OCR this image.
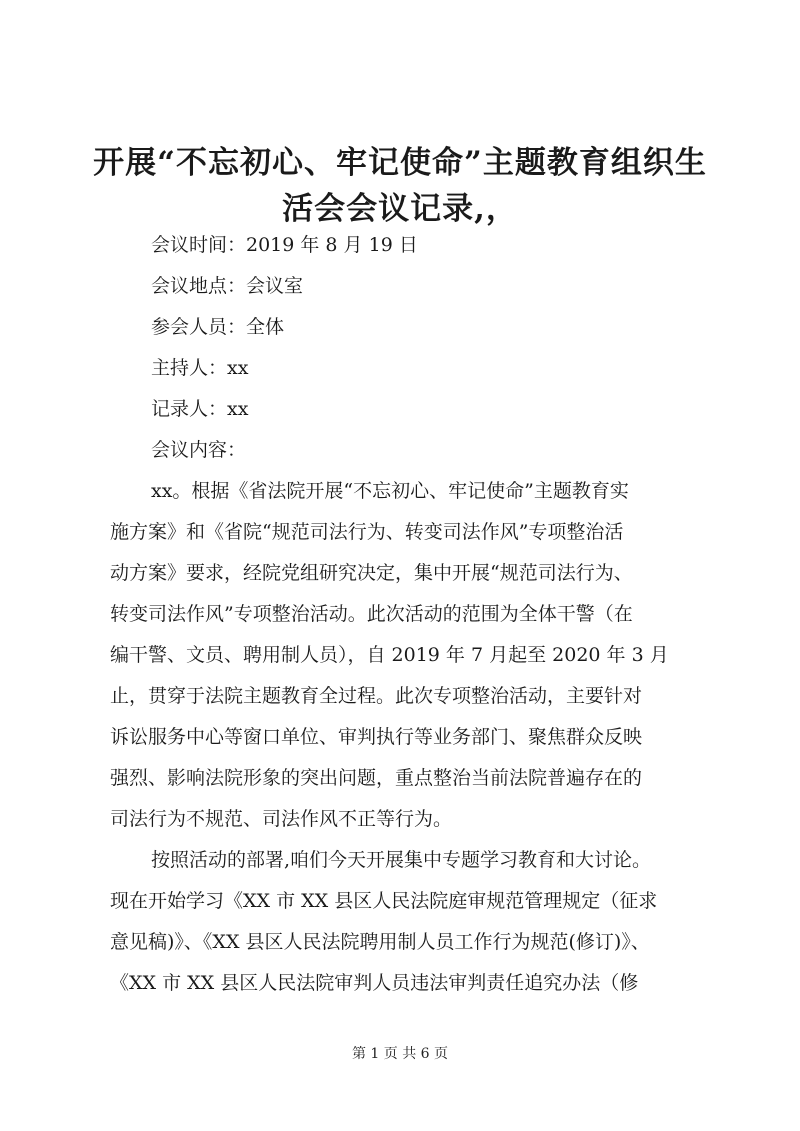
开展“不忘初心、牢记使命”主题教育组织生
活会会议记录,，
会议时间：2019 年 8 月 19 日
会议地点：会议室
参会人员：全体
主持人：xx
记录人：xx
会议内容：
xx。根据《省法院开展“不忘初心、牢记使命”主题教育实
施方案》和《省院“规范司法行为、转变司法作风”专项整治活
动方案》要求，经院党组研究决定，集中开展“规范司法行为、
转变司法作风”专项整治活动。此次活动的范围为全体干警（在
编干警、文员、聘用制人员），自 2019 年 7 月起至 2020 年 3 月
止，贯穿于法院主题教育全过程。此次专项整治活动，主要针对
诉讼服务中心等窗口单位、审判执行等业务部门、聚焦群众反映
强烈、影响法院形象的突出问题，重点整治当前法院普遍存在的
司法行为不规范、司法作风不正等行为。
按照活动的部署,咱们今天开展集中专题学习教育和大讨论。
现在开始学习《XX 市 XX 县区人民法院庭审规范管理规定（征求
意见稿)》、《XX 县区人民法院聘用制人员工作行为规范(修订)》、
《XX 市 XX 县区人民法院审判人员违法审判责任追究办法（修
第 1 页 共 6 页
